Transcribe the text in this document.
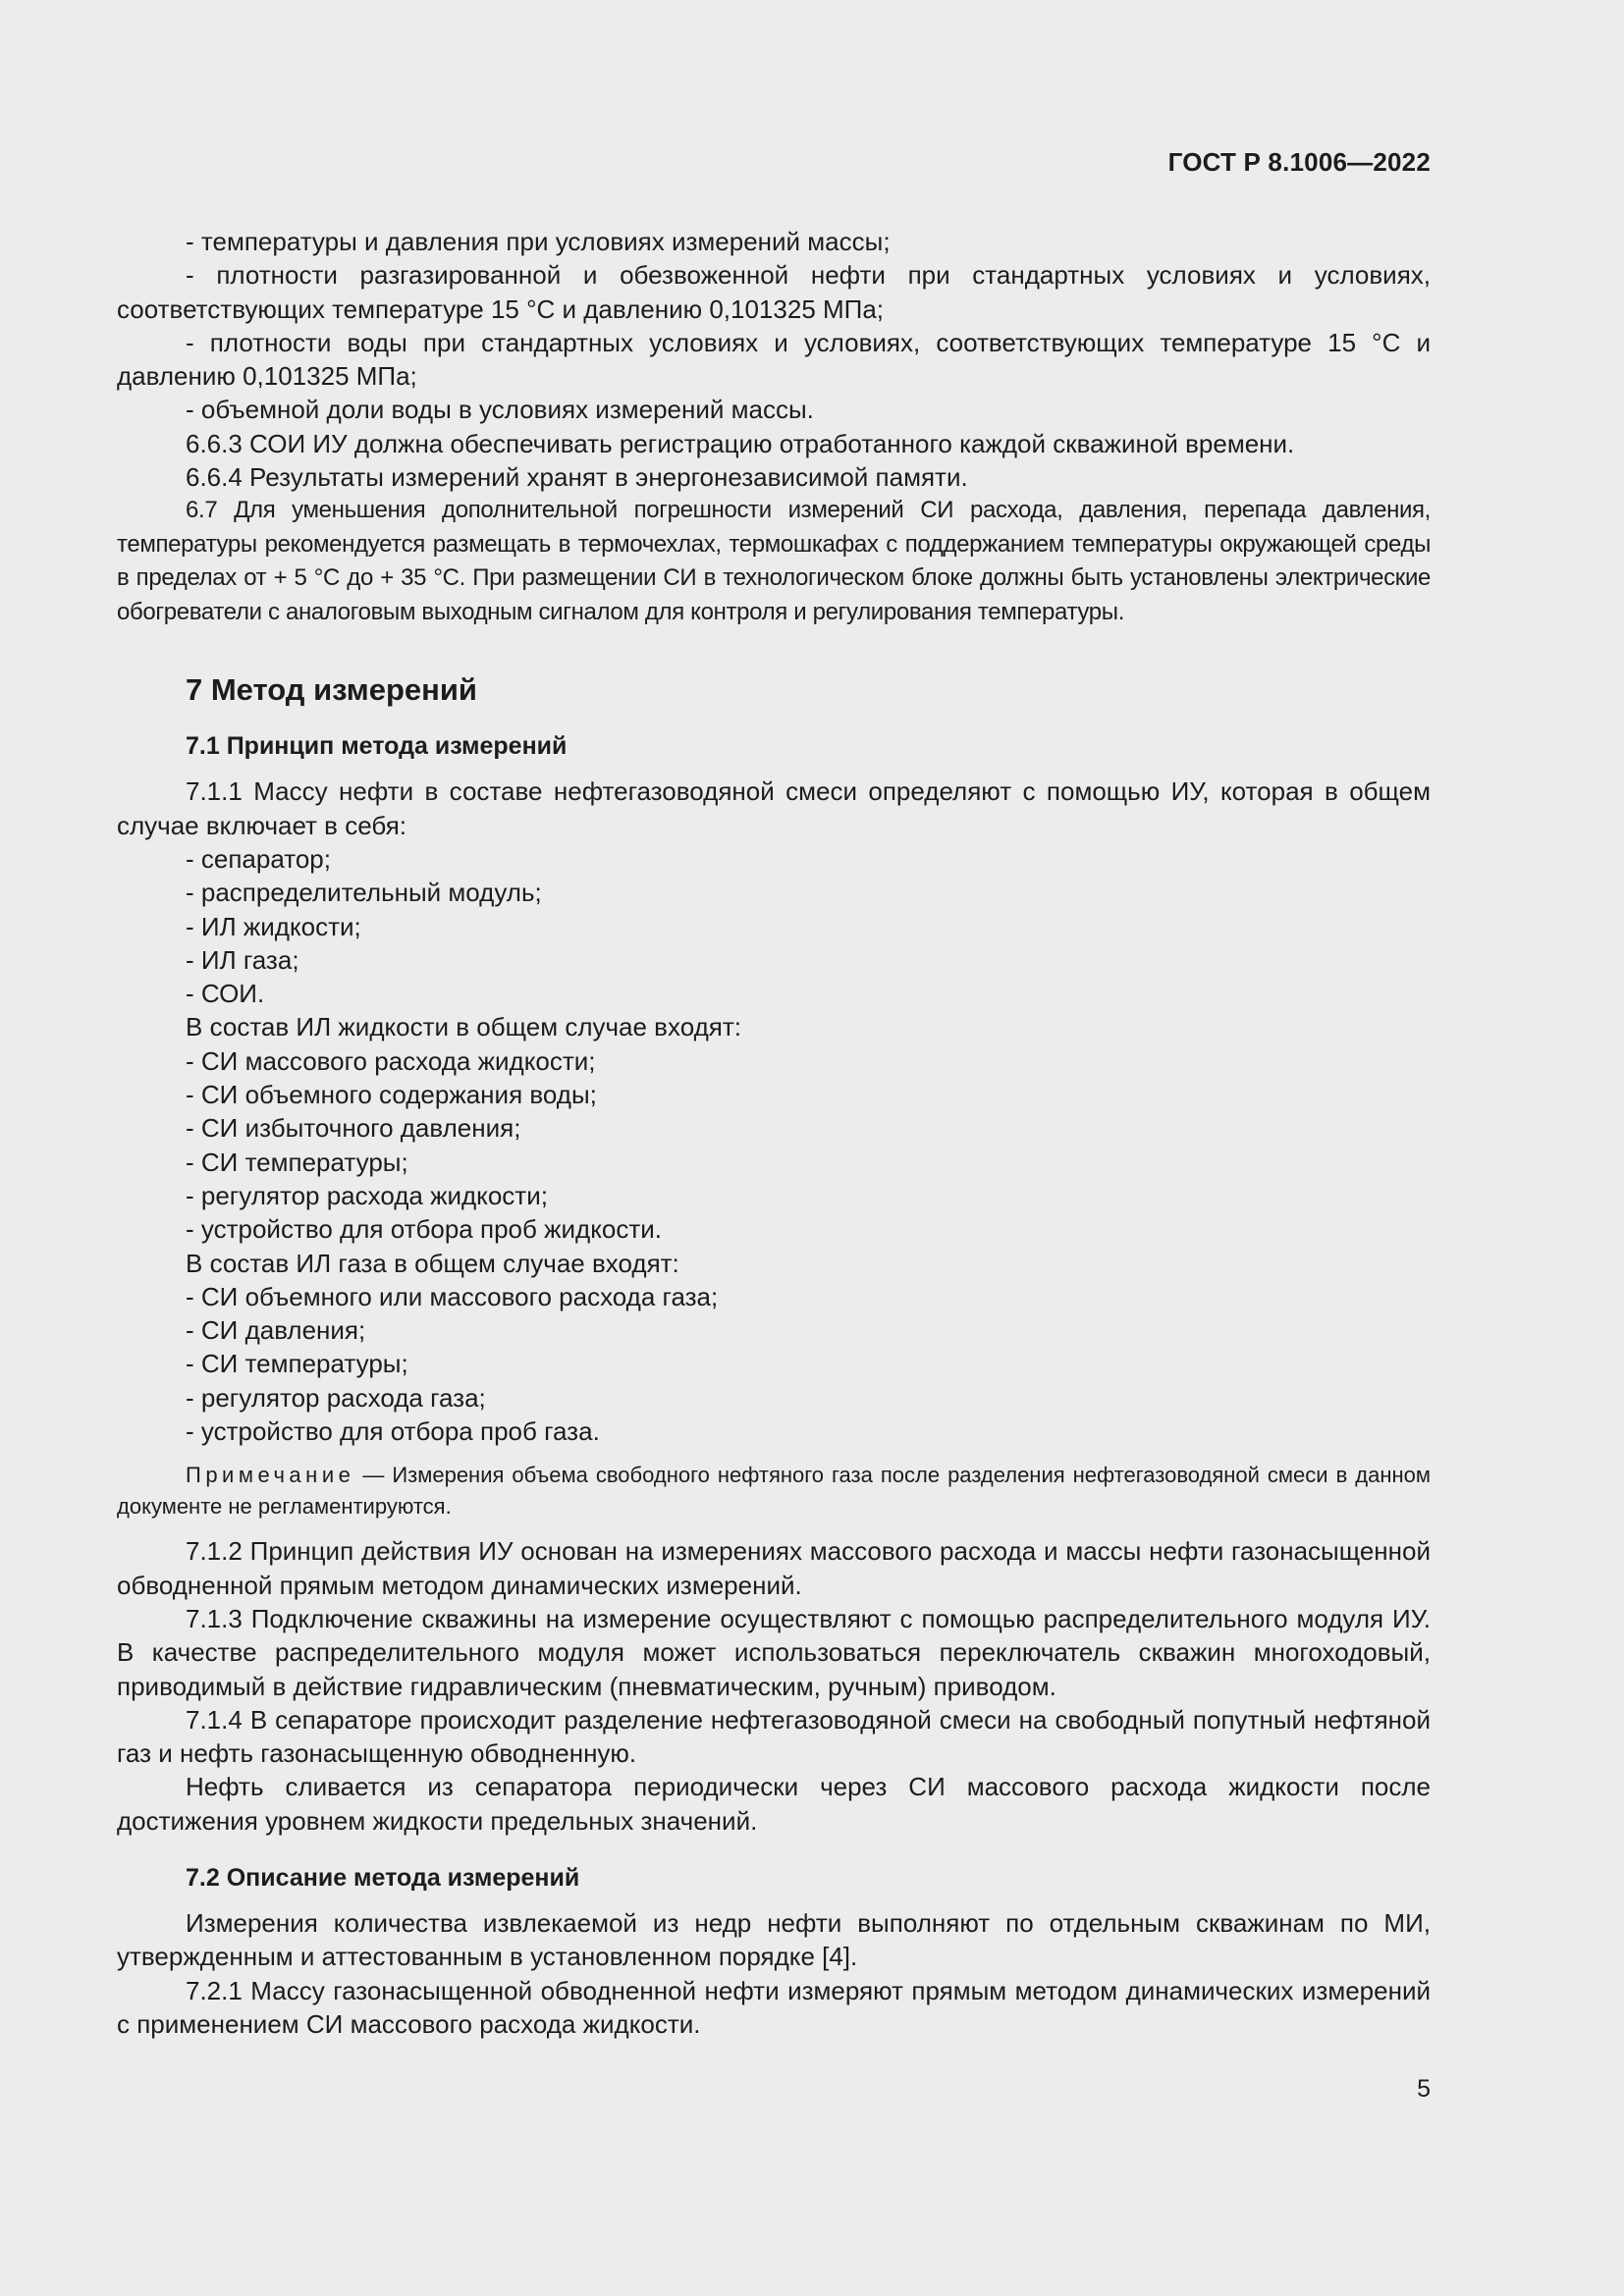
ГОСТ Р 8.1006—2022

- температуры и давления при условиях измерений массы;

- плотности разгазированной и обезвоженной нефти при стандартных условиях и условиях, соответствующих температуре 15 °С и давлению 0,101325 МПа;

- плотности воды при стандартных условиях и условиях, соответствующих температуре 15 °С и давлению 0,101325 МПа;

- объемной доли воды в условиях измерений массы.

6.6.3 СОИ ИУ должна обеспечивать регистрацию отработанного каждой скважиной времени.

6.6.4 Результаты измерений хранят в энергонезависимой памяти.

6.7 Для уменьшения дополнительной погрешности измерений СИ расхода, давления, перепада давления, температуры рекомендуется размещать в термочехлах, термошкафах с поддержанием температуры окружающей среды в пределах от + 5 °С до + 35 °С. При размещении СИ в технологическом блоке должны быть установлены электрические обогреватели с аналоговым выходным сигналом для контроля и регулирования температуры.

7 Метод измерений
7.1 Принцип метода измерений

7.1.1 Массу нефти в составе нефтегазоводяной смеси определяют с помощью ИУ, которая в общем случае включает в себя:

- сепаратор;

- распределительный модуль;

- ИЛ жидкости;

- ИЛ газа;

- СОИ.

В состав ИЛ жидкости в общем случае входят:

- СИ массового расхода жидкости;

- СИ объемного содержания воды;

- СИ избыточного давления;

- СИ температуры;

- регулятор расхода жидкости;

- устройство для отбора проб жидкости.

В состав ИЛ газа в общем случае входят:

- СИ объемного или массового расхода газа;

- СИ давления;

- СИ температуры;

- регулятор расхода газа;

- устройство для отбора проб газа.

Примечание — Измерения объема свободного нефтяного газа после разделения нефтегазоводяной смеси в данном документе не регламентируются.

7.1.2 Принцип действия ИУ основан на измерениях массового расхода и массы нефти газонасыщенной обводненной прямым методом динамических измерений.

7.1.3 Подключение скважины на измерение осуществляют с помощью распределительного модуля ИУ. В качестве распределительного модуля может использоваться переключатель скважин многоходовый, приводимый в действие гидравлическим (пневматическим, ручным) приводом.

7.1.4 В сепараторе происходит разделение нефтегазоводяной смеси на свободный попутный нефтяной газ и нефть газонасыщенную обводненную.

Нефть сливается из сепаратора периодически через СИ массового расхода жидкости после достижения уровнем жидкости предельных значений.

7.2 Описание метода измерений

Измерения количества извлекаемой из недр нефти выполняют по отдельным скважинам по МИ, утвержденным и аттестованным в установленном порядке [4].

7.2.1 Массу газонасыщенной обводненной нефти измеряют прямым методом динамических измерений с применением СИ массового расхода жидкости.

5
